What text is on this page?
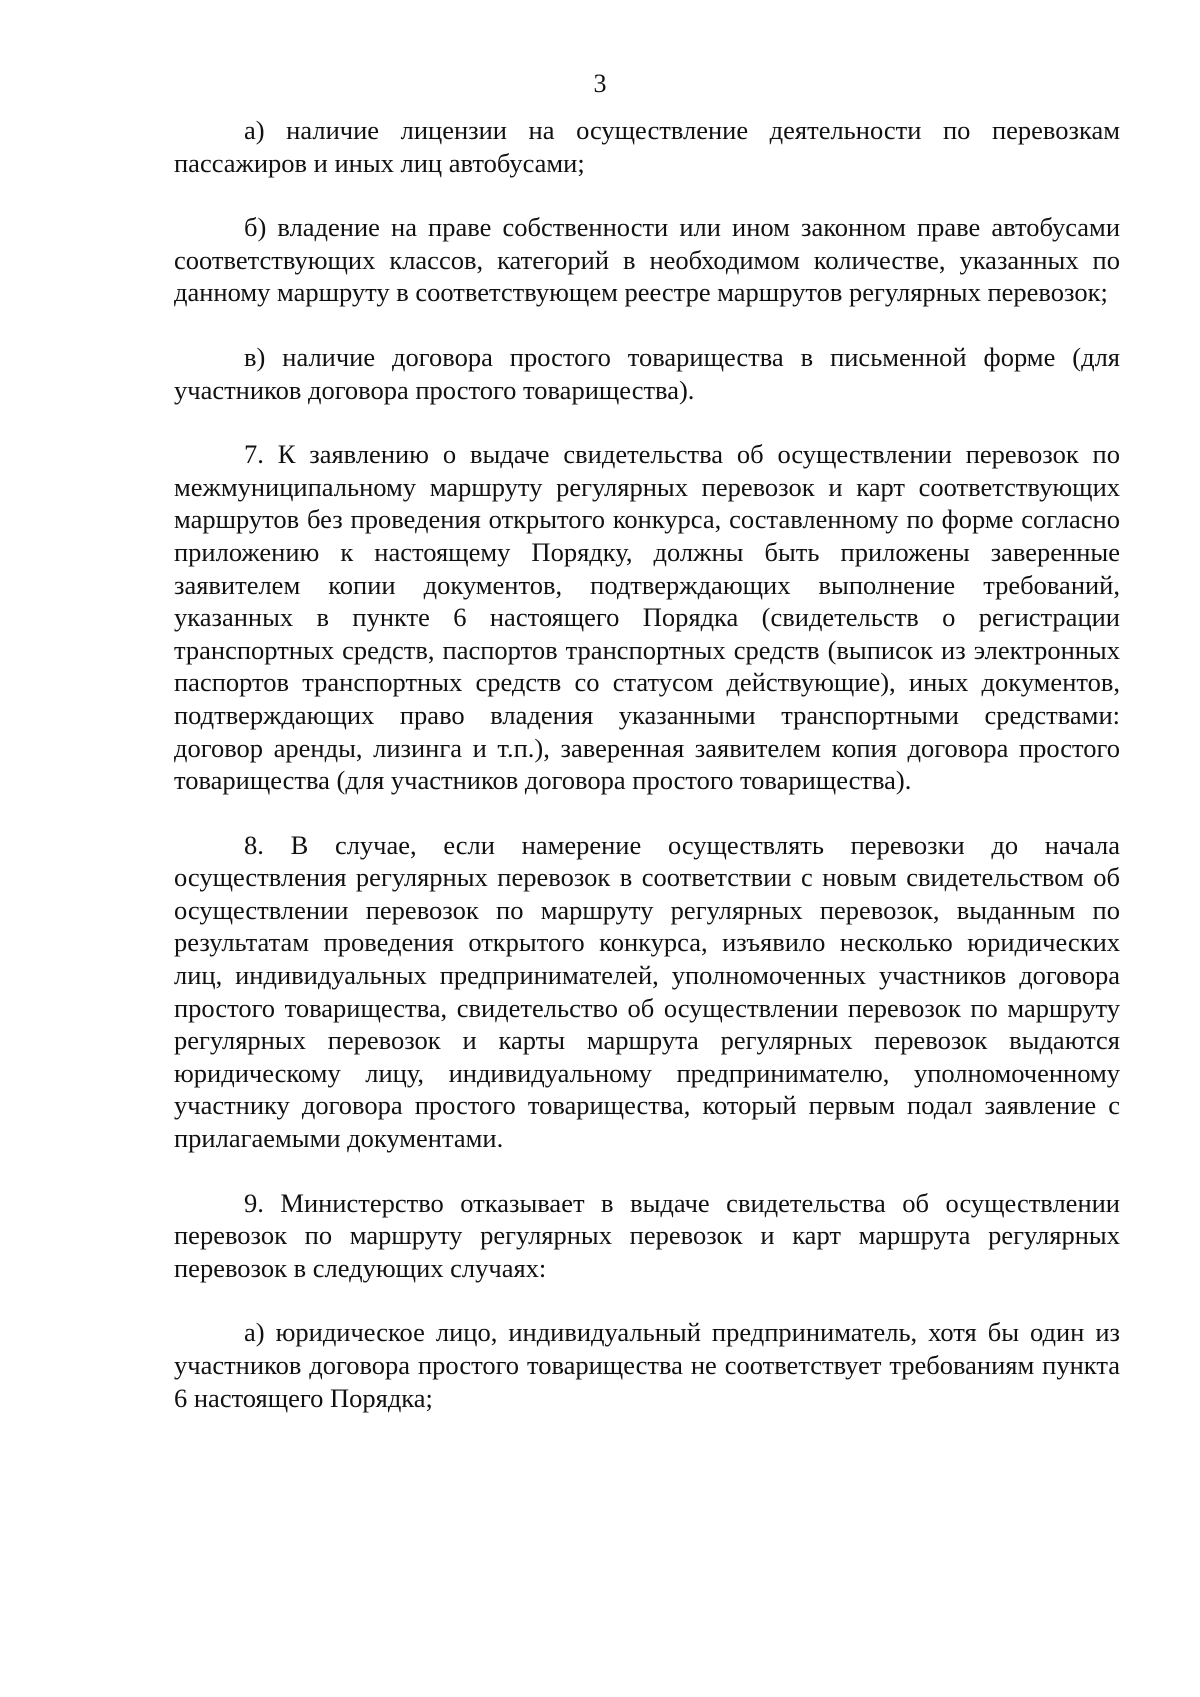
3

а) наличие лицензии на осуществление деятельности по перевозкам пассажиров и иных лиц автобусами;

б) владение на праве собственности или ином законном праве автобусами соответствующих классов, категорий в необходимом количестве, указанных по данному маршруту в соответствующем реестре маршрутов регулярных перевозок;

в) наличие договора простого товарищества в письменной форме (для участников договора простого товарищества).

7. К заявлению о выдаче свидетельства об осуществлении перевозок по межмуниципальному маршруту регулярных перевозок и карт соответствующих маршрутов без проведения открытого конкурса, составленному по форме согласно приложению к настоящему Порядку, должны быть приложены заверенные заявителем копии документов, подтверждающих выполнение требований, указанных в пункте 6 настоящего Порядка (свидетельств о регистрации транспортных средств, паспортов транспортных средств (выписок из электронных паспортов транспортных средств со статусом действующие), иных документов, подтверждающих право владения указанными транспортными средствами: договор аренды, лизинга и т.п.), заверенная заявителем копия договора простого товарищества (для участников договора простого товарищества).

8. В случае, если намерение осуществлять перевозки до начала осуществления регулярных перевозок в соответствии с новым свидетельством об осуществлении перевозок по маршруту регулярных перевозок, выданным по результатам проведения открытого конкурса, изъявило несколько юридических лиц, индивидуальных предпринимателей, уполномоченных участников договора простого товарищества, свидетельство об осуществлении перевозок по маршруту регулярных перевозок и карты маршрута регулярных перевозок выдаются юридическому лицу, индивидуальному предпринимателю, уполномоченному участнику договора простого товарищества, который первым подал заявление с прилагаемыми документами.

9. Министерство отказывает в выдаче свидетельства об осуществлении перевозок по маршруту регулярных перевозок и карт маршрута регулярных перевозок в следующих случаях:

а) юридическое лицо, индивидуальный предприниматель, хотя бы один из участников договора простого товарищества не соответствует требованиям пункта 6 настоящего Порядка;
